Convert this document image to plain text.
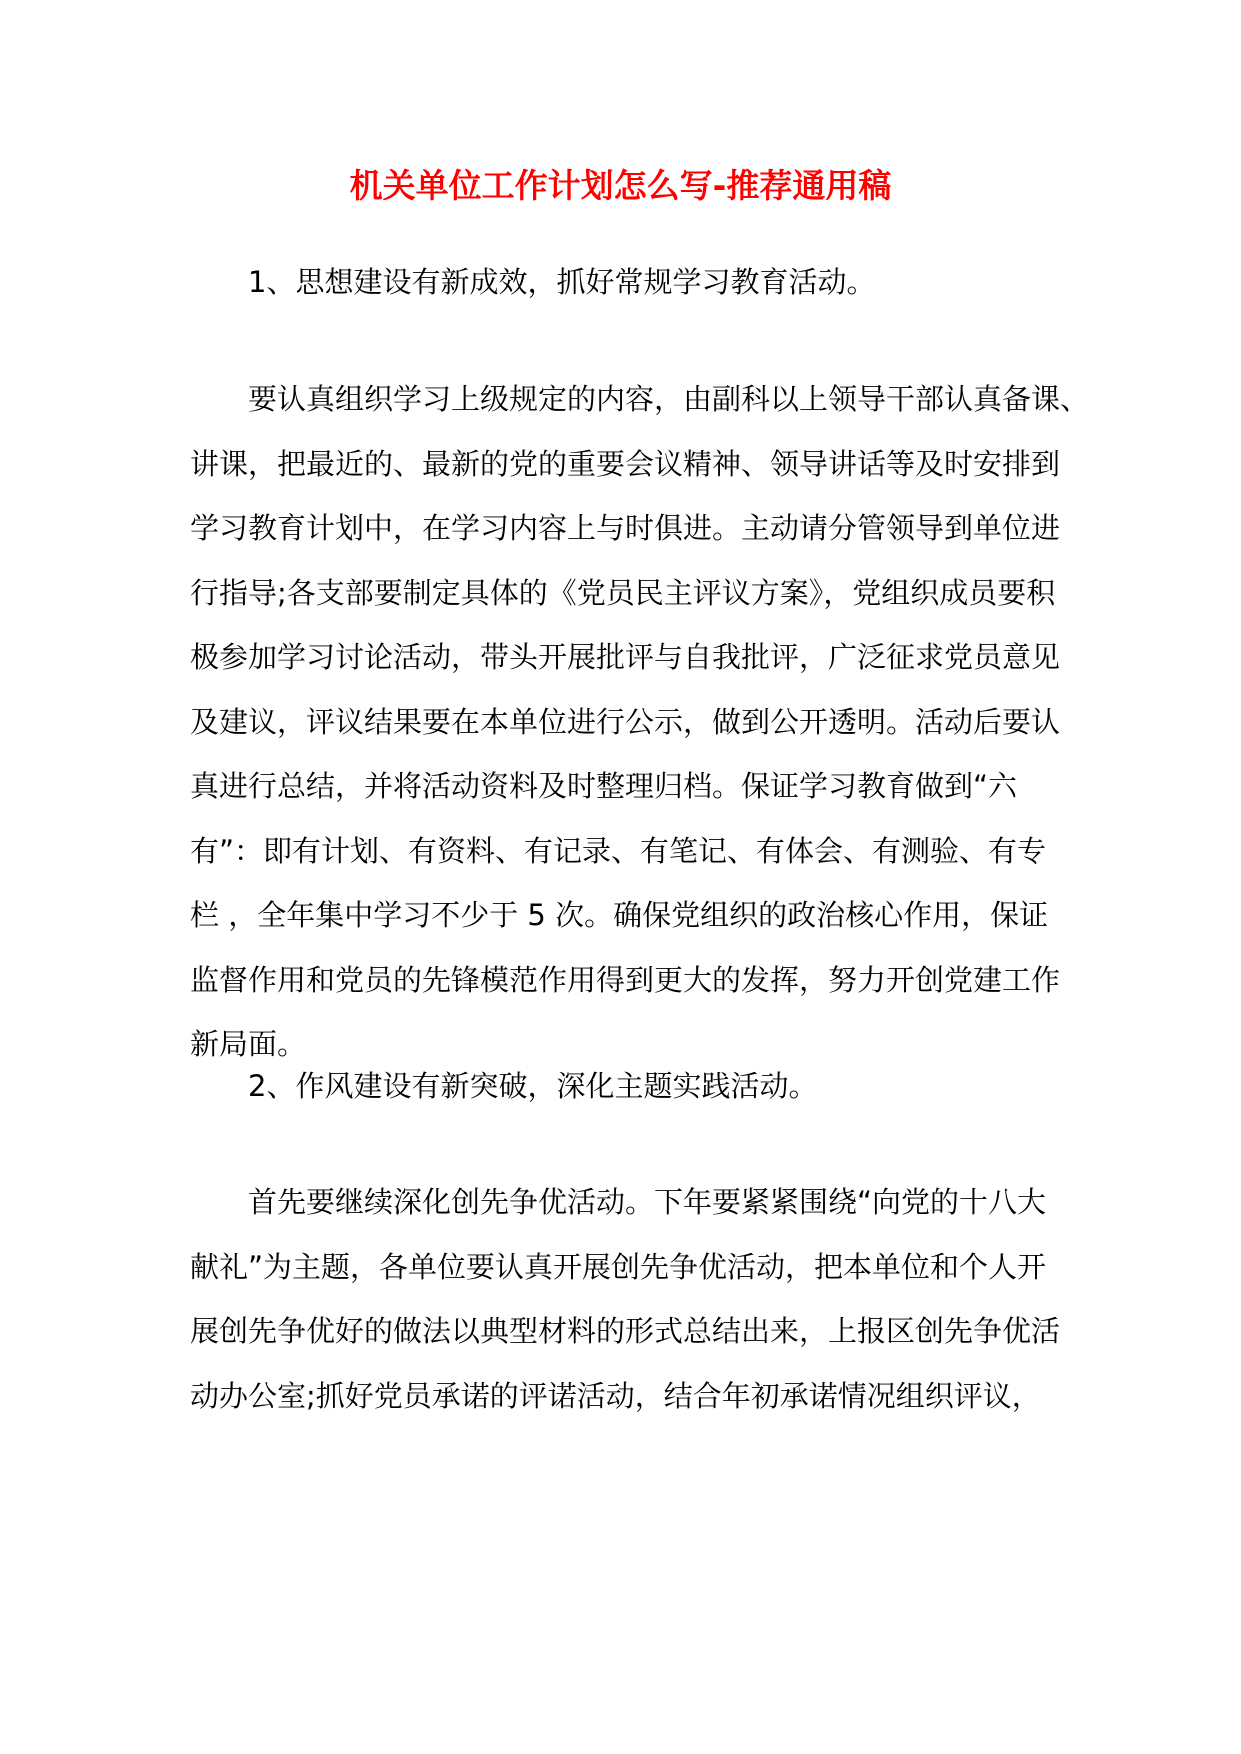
机关单位工作计划怎么写-推荐通用稿
1、思想建设有新成效，抓好常规学习教育活动。
要认真组织学习上级规定的内容，由副科以上领导干部认真备课、
讲课，把最近的、最新的党的重要会议精神、领导讲话等及时安排到
学习教育计划中，在学习内容上与时俱进。主动请分管领导到单位进
行指导;各支部要制定具体的《党员民主评议方案》，党组织成员要积
极参加学习讨论活动，带头开展批评与自我批评，广泛征求党员意见
及建议，评议结果要在本单位进行公示，做到公开透明。活动后要认
真进行总结，并将活动资料及时整理归档。保证学习教育做到“六
有”：即有计划、有资料、有记录、有笔记、有体会、有测验、有专
栏 ，全年集中学习不少于 5 次。确保党组织的政治核心作用，保证
监督作用和党员的先锋模范作用得到更大的发挥，努力开创党建工作
新局面。
2、作风建设有新突破，深化主题实践活动。
首先要继续深化创先争优活动。下年要紧紧围绕“向党的十八大
献礼”为主题，各单位要认真开展创先争优活动，把本单位和个人开
展创先争优好的做法以典型材料的形式总结出来，上报区创先争优活
动办公室;抓好党员承诺的评诺活动，结合年初承诺情况组织评议，
